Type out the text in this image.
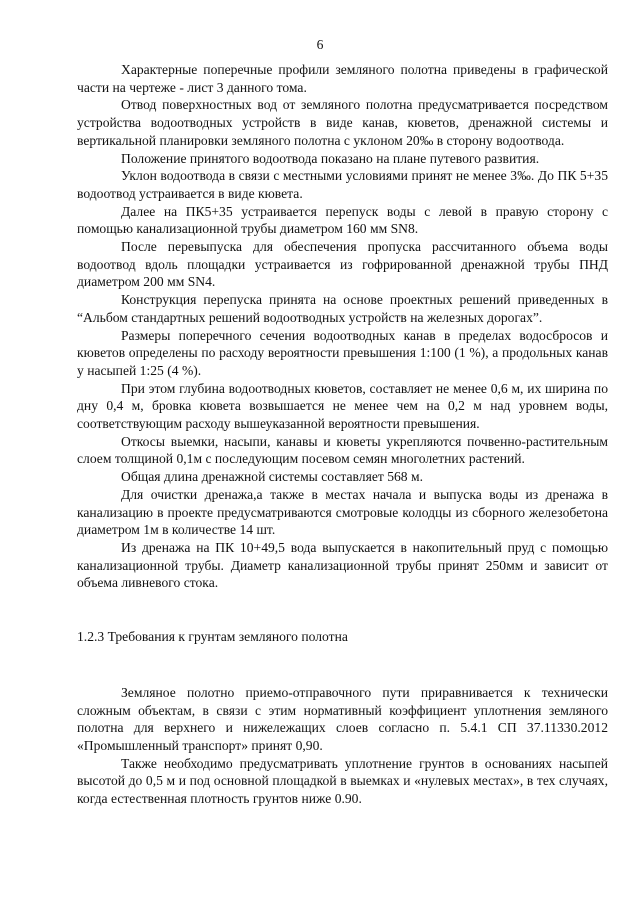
6

Характерные поперечные профили земляного полотна приведены в графической части на чертеже - лист 3 данного тома.

Отвод поверхностных вод от земляного полотна предусматривается посредством устройства водоотводных устройств в виде канав, кюветов, дренажной системы и вертикальной планировки земляного полотна с уклоном 20‰ в сторону водоотвода.

Положение принятого водоотвода показано на плане путевого развития.

Уклон водоотвода в связи с местными условиями принят не менее 3‰. До ПК 5+35 водоотвод устраивается в виде кювета.

Далее на ПК5+35 устраивается перепуск воды с левой в правую сторону с помощью канализационной трубы диаметром 160 мм SN8.

После перевыпуска для обеспечения пропуска рассчитанного объема воды водоотвод вдоль площадки устраивается из гофрированной дренажной трубы ПНД диаметром 200 мм SN4.

Конструкция перепуска принята на основе проектных решений приведенных в “Альбом стандартных решений водоотводных устройств на железных дорогах”.

Размеры поперечного сечения водоотводных канав в пределах водосбросов и кюветов определены по расходу вероятности превышения 1:100 (1 %), а продольных канав у насыпей 1:25 (4 %).

При этом глубина водоотводных кюветов, составляет не менее 0,6 м, их ширина по дну 0,4 м, бровка кювета возвышается не менее чем на 0,2 м над уровнем воды, соответствующим расходу вышеуказанной вероятности превышения.

Откосы выемки, насыпи, канавы и кюветы укрепляются почвенно-растительным слоем толщиной 0,1м с последующим посевом семян многолетних растений.

Общая длина дренажной системы составляет 568 м.

Для очистки дренажа,а также в местах начала и выпуска воды из дренажа в канализацию в проекте предусматриваются смотровые колодцы из сборного железобетона диаметром 1м в количестве 14 шт.

Из дренажа на ПК 10+49,5 вода выпускается в накопительный пруд с помощью канализационной трубы. Диаметр канализационной трубы принят 250мм и зависит от объема ливневого стока.

1.2.3 Требования к грунтам земляного полотна

Земляное полотно приемо-отправочного пути приравнивается к технически сложным объектам, в связи с этим нормативный коэффициент уплотнения земляного полотна для верхнего и нижележащих слоев согласно п. 5.4.1 СП 37.11330.2012 «Промышленный транспорт» принят 0,90.

Также необходимо предусматривать уплотнение грунтов в основаниях насыпей высотой до 0,5 м и под основной площадкой в выемках и «нулевых местах», в тех случаях, когда естественная плотность грунтов ниже 0.90.
